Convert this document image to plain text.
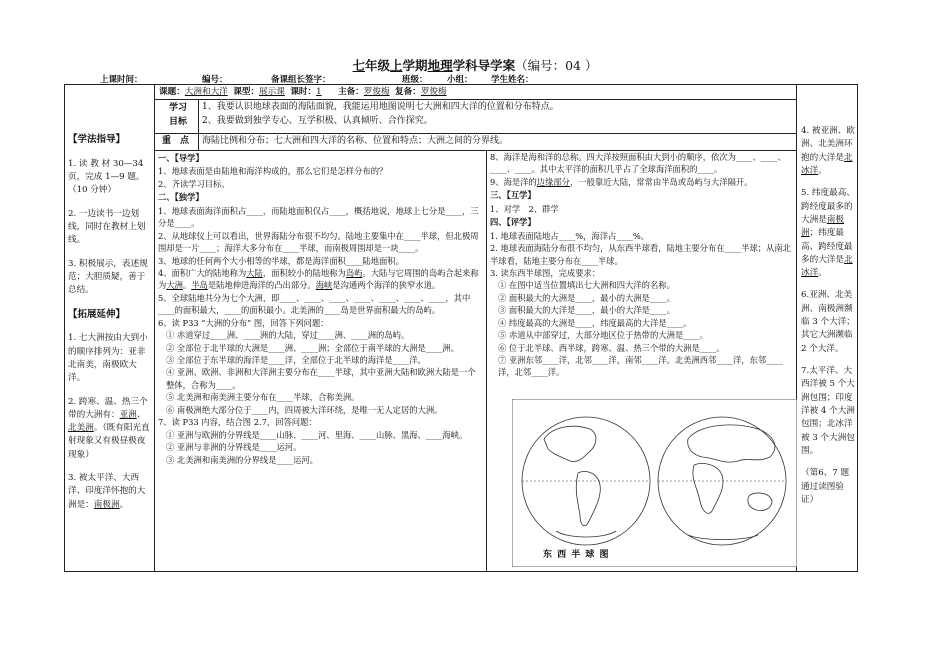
七年级上学期地理学科导学案（编号：04 ）
上课时间：	编号：	备课组长签字：	班级： 小组： 学生姓名：
课题：大洲和大洋 课型：展示课 课时：1 主备：罗俊梅 复备：罗俊梅
学习
目标
1、我要认识地球表面的海陆面貌，我能运用地图说明七大洲和四大洋的位置和分布特点。
2、我要做到独学专心、互学积极、认真倾听、合作探究。
重　点 海陆比例和分布；七大洲和四大洋的名称、位置和特点；大洲之间的分界线。

【学法指导】

1. 读 教 材 30—34 页，完成 1—9 题。（10 分钟）

2. 一边读书一边划线，同时在教材上划线。

3. 积极展示，表述规范；大胆质疑，善于总结。

【拓展延伸】

1. 七大洲按由大到小的顺序排列为：亚非北南美，南极欧大洋。

2. 跨寒、温、热三个带的大洲有：亚洲、北美洲。（既有阳光直射现象又有极昼极夜现象）

3. 被太平洋、大西洋、印度洋怀抱的大洲是：南极洲。

一、【导学】
1、地球表面是由陆地和海洋构成的，那么它们是怎样分布的？
2、齐读学习目标。
二、【独学】
1、地球表面海洋面积占____，而陆地面积仅占____，概括地说，地球上七分是____，三分是____。
2、从地球仪上可以看出，世界海陆分布很不均匀。陆地主要集中在____半球，但北极周围却是一片____；海洋大多分布在____半球，而南极周围却是一块____。
3、地球的任何两个大小相等的半球，都是海洋面积____陆地面积。
4、面积广大的陆地称为大陆，面积较小的陆地称为岛屿。大陆与它周围的岛屿合起来称为大洲。半岛是陆地伸进海洋的凸出部分。海峡是沟通两个海洋的狭窄水道。
5、全球陆地共分为七个大洲，即____、____、____、____、____、____、____，其中____的面积最大，____的面积最小。北美洲的____岛是世界面积最大的岛屿。
6、读 P33 “大洲的分布” 图，回答下列问题：
① 赤道穿过____洲、____洲的大陆，穿过____洲、____洲的岛屿。
② 全部位于北半球的大洲是____洲、____洲；全部位于南半球的大洲是____洲。
③ 全部位于东半球的海洋是____洋，全部位于北半球的海洋是____洋。
④ 亚洲、欧洲、非洲和大洋洲主要分布在____半球，其中亚洲大陆和欧洲大陆是一个整体，合称为____。
⑤ 北美洲和南美洲主要分布在____半球，合称美洲。
⑥ 南极洲绝大部分位于____内，四周被大洋环绕，是唯一无人定居的大洲。
7、读 P33 内容，结合图 2.7，回答问题：
① 亚洲与欧洲的分界线是____山脉、____河、里海、____山脉、黑海、____海峡。
② 亚洲与非洲的分界线是____运河。
③ 北美洲和南美洲的分界线是____运河。
8、海洋是海和洋的总称。四大洋按照面积由大到小的顺序，依次为____、____、____、____。其中太平洋的面积几乎占了全球海洋面积的____。
9、海是洋的边缘部分，一般靠近大陆，常常由半岛或岛屿与大洋隔开。
三、【互学】
1、对学　2、群学
四、【评学】
1. 地球表面陆地占____%，海洋占____%。
2. 地球表面海陆分布很不均匀，从东西半球看，陆地主要分布在____半球；从南北半球看，陆地主要分布在____半球。
3. 读东西半球图，完成要求：
① 在图中适当位置填出七大洲和四大洋的名称。
② 面积最大的大洲是____，最小的大洲是____。
③ 面积最大的大洋是____，最小的大洋是____。
④ 纬度最高的大洲是____，纬度最高的大洋是____。
⑤ 赤道从中部穿过，大部分地区位于热带的大洲是____。
⑥ 位于北半球、西半球，跨寒、温、热三个带的大洲是____。
⑦ 亚洲东邻____洋，北邻____洋，南邻____洋。北美洲西邻____洋，东邻____洋，北邻____洋。
东 西 半 球 图

4. 被亚洲、欧洲、北美洲环抱的大洋是北冰洋。

5. 纬度最高、跨经度最多的大洲是南极洲；纬度最高、跨经度最多的大洋是北冰洋。

6.亚洲、北美洲、南极洲濒临 3 个大洋；其它大洲濒临 2 个大洋。

7.太平洋、大西洋被 5 个大洲包围；印度洋被 4 个大洲包围；北冰洋被 3 个大洲包围。

（第6、7 题通过读图验证）
